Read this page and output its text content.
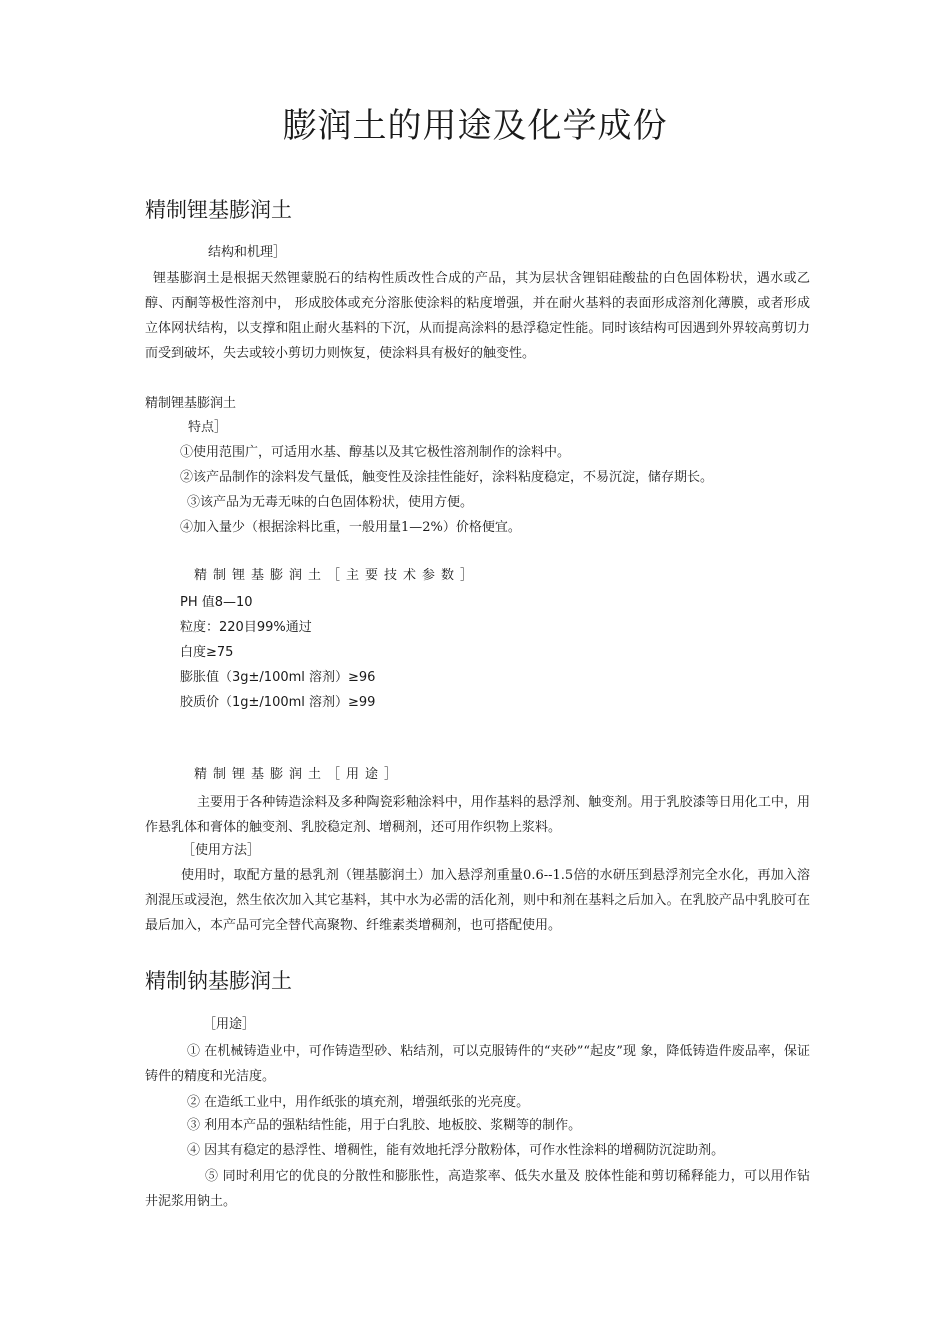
膨润土的用途及化学成份
精制锂基膨润土

结构和机理］

锂基膨润土是根据天然锂蒙脱石的结构性质改性合成的产品，其为层状含锂铝硅酸盐的白色固体粉状，遇水或乙醇、丙酮等极性溶剂中， 形成胶体或充分溶胀使涂料的粘度增强，并在耐火基料的表面形成溶剂化薄膜，或者形成立体网状结构，以支撑和阻止耐火基料的下沉，从而提高涂料的悬浮稳定性能。同时该结构可因遇到外界较高剪切力而受到破坏，失去或较小剪切力则恢复，使涂料具有极好的触变性。

精制锂基膨润土

特点］

①使用范围广，可适用水基、醇基以及其它极性溶剂制作的涂料中。

②该产品制作的涂料发气量低，触变性及涂挂性能好，涂料粘度稳定，不易沉淀，储存期长。

③该产品为无毒无味的白色固体粉状，使用方便。

④加入量少（根据涂料比重，一般用量1—2%）价格便宜。

精制锂基膨润土［主要技术参数］

PH 值8—10

粒度：220目99%通过

白度≥75

膨胀值（3g±/100ml 溶剂）≥96

胶质价（1g±/100ml 溶剂）≥99

精制锂基膨润土［用途］

主要用于各种铸造涂料及多种陶瓷彩釉涂料中，用作基料的悬浮剂、触变剂。用于乳胶漆等日用化工中，用作悬乳体和膏体的触变剂、乳胶稳定剂、增稠剂，还可用作织物上浆料。

［使用方法］

使用时，取配方量的悬乳剂（锂基膨润土）加入悬浮剂重量0.6--1.5倍的水研压到悬浮剂完全水化，再加入溶剂混压或浸泡，然生依次加入其它基料，其中水为必需的活化剂，则中和剂在基料之后加入。在乳胶产品中乳胶可在最后加入，本产品可完全替代高聚物、纤维素类增稠剂，也可搭配使用。

精制钠基膨润土

［用途］

① 在机械铸造业中，可作铸造型砂、粘结剂，可以克服铸件的“夹砂”“起皮”现 象，降低铸造件废品率，保证铸件的精度和光洁度。

② 在造纸工业中，用作纸张的填充剂，增强纸张的光亮度。

③ 利用本产品的强粘结性能，用于白乳胶、地板胶、浆糊等的制作。

④ 因其有稳定的悬浮性、增稠性，能有效地托浮分散粉体，可作水性涂料的增稠防沉淀助剂。

⑤ 同时利用它的优良的分散性和膨胀性，高造浆率、低失水量及 胶体性能和剪切稀释能力，可以用作钻井泥浆用钠土。
